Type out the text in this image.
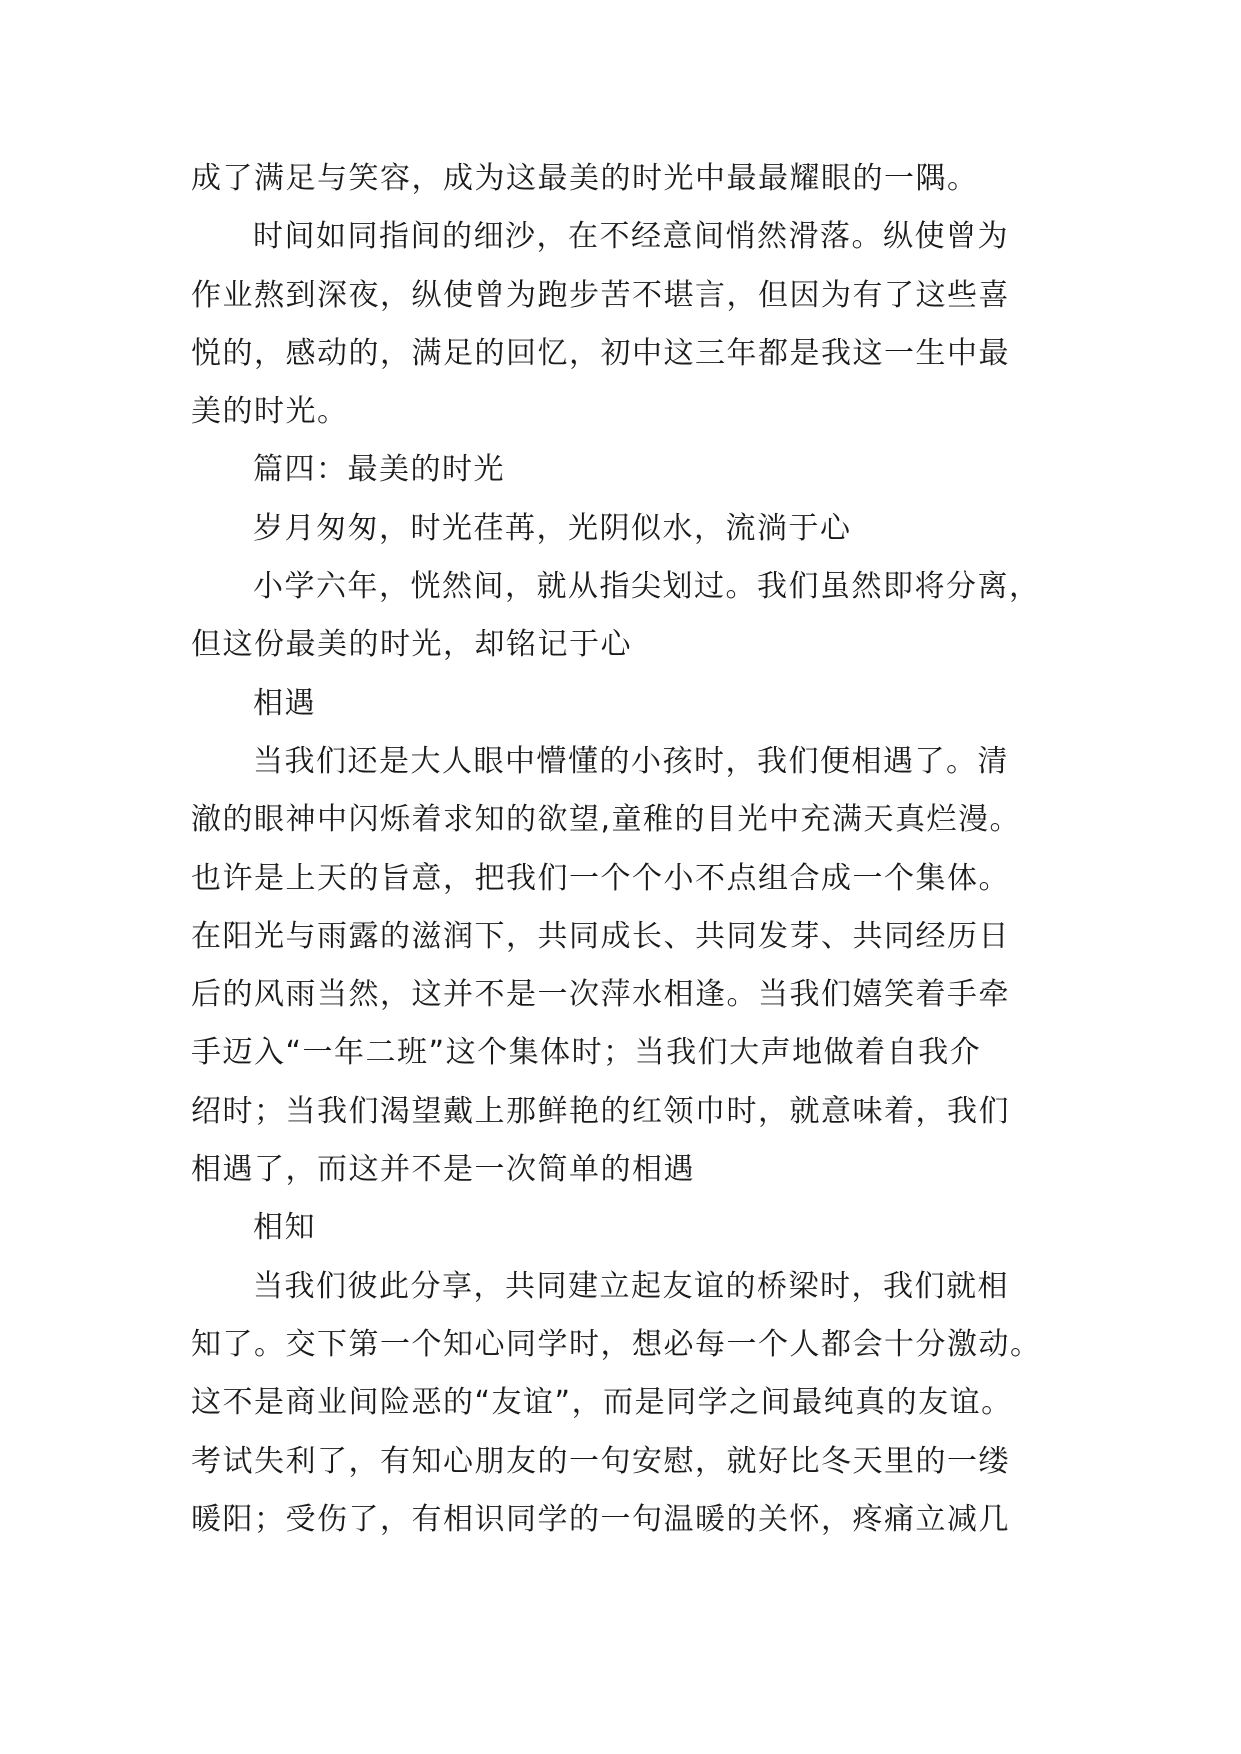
成了满足与笑容，成为这最美的时光中最最耀眼的一隅。
时间如同指间的细沙，在不经意间悄然滑落。纵使曾为
作业熬到深夜，纵使曾为跑步苦不堪言，但因为有了这些喜
悦的，感动的，满足的回忆，初中这三年都是我这一生中最
美的时光。
篇四：最美的时光
岁月匆匆，时光荏苒，光阴似水，流淌于心
小学六年，恍然间，就从指尖划过。我们虽然即将分离，
但这份最美的时光，却铭记于心
相遇
当我们还是大人眼中懵懂的小孩时，我们便相遇了。清
澈的眼神中闪烁着求知的欲望,童稚的目光中充满天真烂漫。
也许是上天的旨意，把我们一个个小不点组合成一个集体。
在阳光与雨露的滋润下，共同成长、共同发芽、共同经历日
后的风雨当然，这并不是一次萍水相逢。当我们嬉笑着手牵
手迈入“一年二班”这个集体时；当我们大声地做着自我介
绍时；当我们渴望戴上那鲜艳的红领巾时，就意味着，我们
相遇了，而这并不是一次简单的相遇
相知
当我们彼此分享，共同建立起友谊的桥梁时，我们就相
知了。交下第一个知心同学时，想必每一个人都会十分激动。
这不是商业间险恶的“友谊”，而是同学之间最纯真的友谊。
考试失利了，有知心朋友的一句安慰，就好比冬天里的一缕
暖阳；受伤了，有相识同学的一句温暖的关怀，疼痛立减几
